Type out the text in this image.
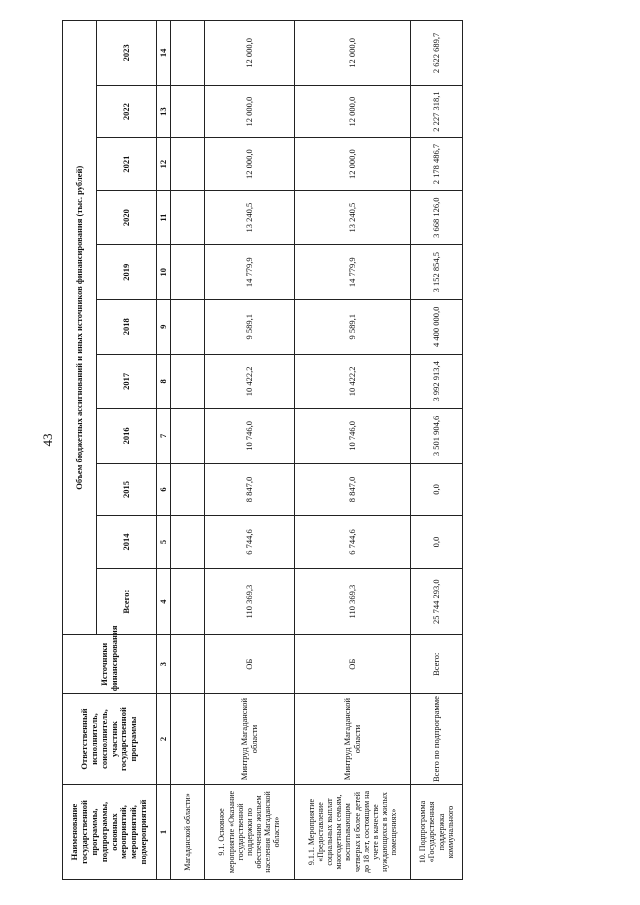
43
Наименование государственной программы, подпрограммы, основных мероприятий, мероприятий, подмероприятий	Ответственный исполнитель, соисполнитель, участник государственной программы	Источники финансирования	Объем бюджетных ассигнований и иных источников финансирования (тыс. рублей)										
			Всего:	2014	2015	2016	2017	2018	2019	2020	2021	2022	2023
1	2	3	4	5	6	7	8	9	10	11	12	13	14
Магаданской области»													
9.1. Основное мероприятие «Оказание государственной поддержки по обеспечению жильем населения Магаданской области»	Минтруд Магаданской области	ОБ	110 369,3	6 744,6	8 847,0	10 746,0	10 422,2	9 589,1	14 779,9	13 240,5	12 000,0	12 000,0	12 000,0
9.1.1. Мероприятие «Предоставление социальных выплат многодетным семьям, воспитывающим четверых и более детей до 18 лет, состоящим на учете в качестве нуждающихся в жилых помещениях»	Минтруд Магаданской области	ОБ	110 369,3	6 744,6	8 847,0	10 746,0	10 422,2	9 589,1	14 779,9	13 240,5	12 000,0	12 000,0	12 000,0
10. Подпрограмма «Государственная поддержка коммунального	Всего по подпрограмме	Всего:	25 744 293,0	0,0	0,0	3 501 904,6	3 992 913,4	4 400 000,0	3 152 854,5	3 668 126,0	2 178 486,7	2 227 318,1	2 622 689,7
